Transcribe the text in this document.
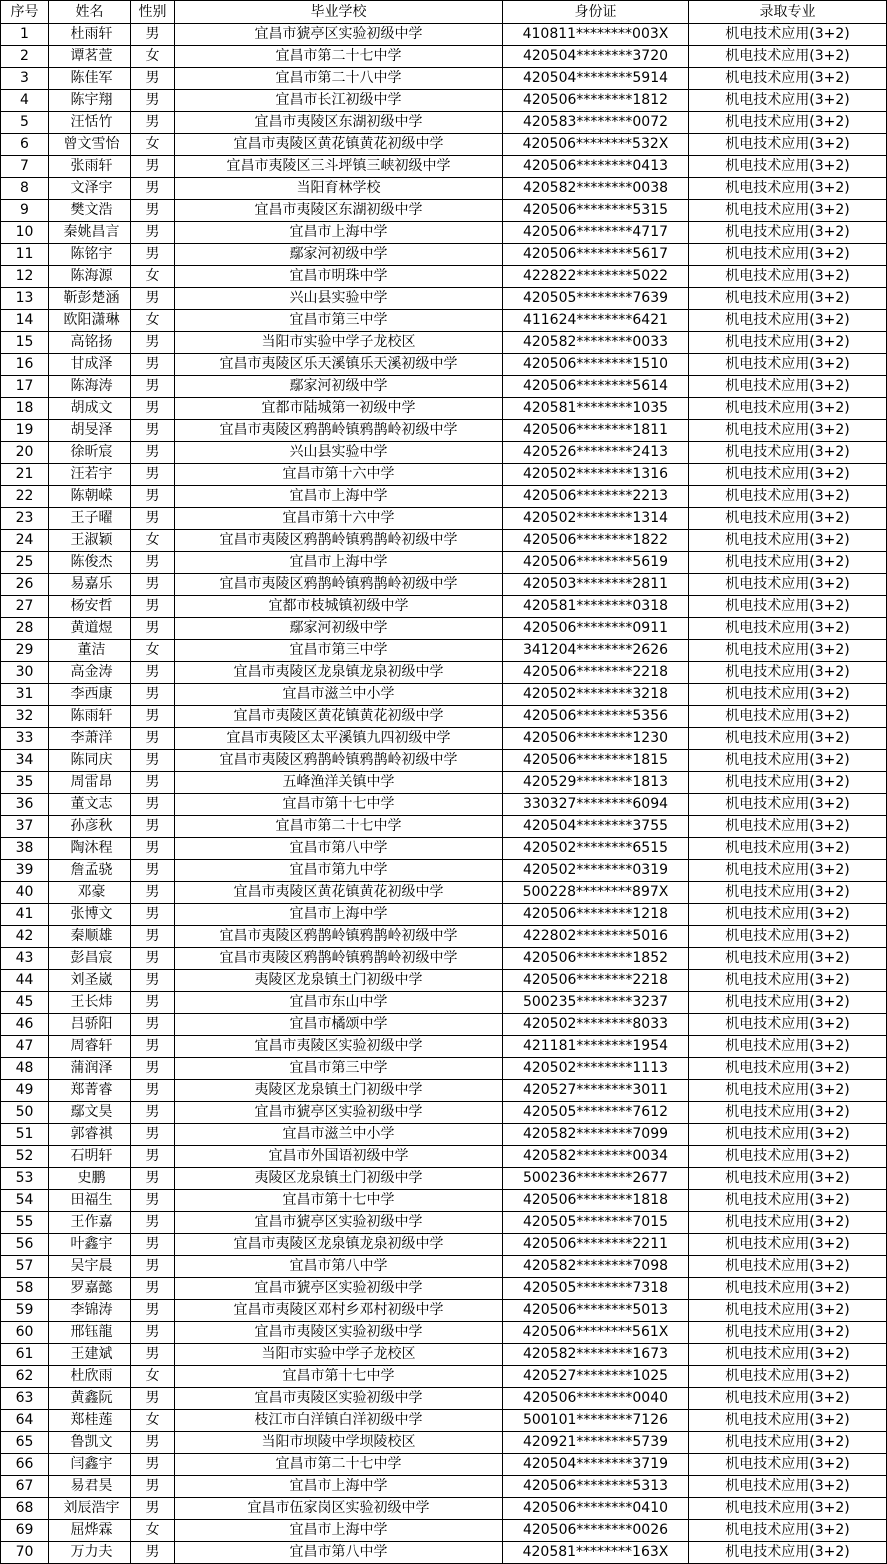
序号	姓名	性别	毕业学校	身份证	录取专业
1	杜雨轩	男	宜昌市猇亭区实验初级中学	410811********003X	机电技术应用(3+2)
2	谭茗萱	女	宜昌市第二十七中学	420504********3720	机电技术应用(3+2)
3	陈佳军	男	宜昌市第二十八中学	420504********5914	机电技术应用(3+2)
4	陈宇翔	男	宜昌市长江初级中学	420506********1812	机电技术应用(3+2)
5	汪恬竹	男	宜昌市夷陵区东湖初级中学	420583********0072	机电技术应用(3+2)
6	曾文雪怡	女	宜昌市夷陵区黄花镇黄花初级中学	420506********532X	机电技术应用(3+2)
7	张雨轩	男	宜昌市夷陵区三斗坪镇三峡初级中学	420506********0413	机电技术应用(3+2)
8	文泽宇	男	当阳育林学校	420582********0038	机电技术应用(3+2)
9	樊文浩	男	宜昌市夷陵区东湖初级中学	420506********5315	机电技术应用(3+2)
10	秦姚昌言	男	宜昌市上海中学	420506********4717	机电技术应用(3+2)
11	陈铭宇	男	鄢家河初级中学	420506********5617	机电技术应用(3+2)
12	陈海源	女	宜昌市明珠中学	422822********5022	机电技术应用(3+2)
13	靳彭楚涵	男	兴山县实验中学	420505********7639	机电技术应用(3+2)
14	欧阳潇琳	女	宜昌市第三中学	411624********6421	机电技术应用(3+2)
15	高铭扬	男	当阳市实验中学子龙校区	420582********0033	机电技术应用(3+2)
16	甘成泽	男	宜昌市夷陵区乐天溪镇乐天溪初级中学	420506********1510	机电技术应用(3+2)
17	陈海涛	男	鄢家河初级中学	420506********5614	机电技术应用(3+2)
18	胡成文	男	宜都市陆城第一初级中学	420581********1035	机电技术应用(3+2)
19	胡旻泽	男	宜昌市夷陵区鸦鹊岭镇鸦鹊岭初级中学	420506********1811	机电技术应用(3+2)
20	徐昕宸	男	兴山县实验中学	420526********2413	机电技术应用(3+2)
21	汪若宇	男	宜昌市第十六中学	420502********1316	机电技术应用(3+2)
22	陈朝嵘	男	宜昌市上海中学	420506********2213	机电技术应用(3+2)
23	王子曜	男	宜昌市第十六中学	420502********1314	机电技术应用(3+2)
24	王淑颖	女	宜昌市夷陵区鸦鹊岭镇鸦鹊岭初级中学	420506********1822	机电技术应用(3+2)
25	陈俊杰	男	宜昌市上海中学	420506********5619	机电技术应用(3+2)
26	易嘉乐	男	宜昌市夷陵区鸦鹊岭镇鸦鹊岭初级中学	420503********2811	机电技术应用(3+2)
27	杨安哲	男	宜都市枝城镇初级中学	420581********0318	机电技术应用(3+2)
28	黄道煜	男	鄢家河初级中学	420506********0911	机电技术应用(3+2)
29	董洁	女	宜昌市第三中学	341204********2626	机电技术应用(3+2)
30	高金涛	男	宜昌市夷陵区龙泉镇龙泉初级中学	420506********2218	机电技术应用(3+2)
31	李西康	男	宜昌市滋兰中小学	420502********3218	机电技术应用(3+2)
32	陈雨轩	男	宜昌市夷陵区黄花镇黄花初级中学	420506********5356	机电技术应用(3+2)
33	李萧洋	男	宜昌市夷陵区太平溪镇九四初级中学	420506********1230	机电技术应用(3+2)
34	陈同庆	男	宜昌市夷陵区鸦鹊岭镇鸦鹊岭初级中学	420506********1815	机电技术应用(3+2)
35	周雷昂	男	五峰渔洋关镇中学	420529********1813	机电技术应用(3+2)
36	董文志	男	宜昌市第十七中学	330327********6094	机电技术应用(3+2)
37	孙彦秋	男	宜昌市第二十七中学	420504********3755	机电技术应用(3+2)
38	陶沐程	男	宜昌市第八中学	420502********6515	机电技术应用(3+2)
39	詹孟骁	男	宜昌市第九中学	420502********0319	机电技术应用(3+2)
40	邓豪	男	宜昌市夷陵区黄花镇黄花初级中学	500228********897X	机电技术应用(3+2)
41	张博文	男	宜昌市上海中学	420506********1218	机电技术应用(3+2)
42	秦顺雄	男	宜昌市夷陵区鸦鹊岭镇鸦鹊岭初级中学	422802********5016	机电技术应用(3+2)
43	彭昌宸	男	宜昌市夷陵区鸦鹊岭镇鸦鹊岭初级中学	420506********1852	机电技术应用(3+2)
44	刘圣崴	男	夷陵区龙泉镇土门初级中学	420506********2218	机电技术应用(3+2)
45	王长炜	男	宜昌市东山中学	500235********3237	机电技术应用(3+2)
46	吕骄阳	男	宜昌市橘颂中学	420502********8033	机电技术应用(3+2)
47	周睿轩	男	宜昌市夷陵区实验初级中学	421181********1954	机电技术应用(3+2)
48	蒲润泽	男	宜昌市第三中学	420502********1113	机电技术应用(3+2)
49	郑菁睿	男	夷陵区龙泉镇土门初级中学	420527********3011	机电技术应用(3+2)
50	鄢文昊	男	宜昌市猇亭区实验初级中学	420505********7612	机电技术应用(3+2)
51	郭睿祺	男	宜昌市滋兰中小学	420582********7099	机电技术应用(3+2)
52	石明轩	男	宜昌市外国语初级中学	420582********0034	机电技术应用(3+2)
53	史鹏	男	夷陵区龙泉镇土门初级中学	500236********2677	机电技术应用(3+2)
54	田福生	男	宜昌市第十七中学	420506********1818	机电技术应用(3+2)
55	王作嘉	男	宜昌市猇亭区实验初级中学	420505********7015	机电技术应用(3+2)
56	叶鑫宇	男	宜昌市夷陵区龙泉镇龙泉初级中学	420506********2211	机电技术应用(3+2)
57	吴宇晨	男	宜昌市第八中学	420582********7098	机电技术应用(3+2)
58	罗嘉懿	男	宜昌市猇亭区实验初级中学	420505********7318	机电技术应用(3+2)
59	李锦涛	男	宜昌市夷陵区邓村乡邓村初级中学	420506********5013	机电技术应用(3+2)
60	邢钰龍	男	宜昌市夷陵区实验初级中学	420506********561X	机电技术应用(3+2)
61	王建斌	男	当阳市实验中学子龙校区	420582********1673	机电技术应用(3+2)
62	杜欣雨	女	宜昌市第十七中学	420527********1025	机电技术应用(3+2)
63	黄鑫阮	男	宜昌市夷陵区实验初级中学	420506********0040	机电技术应用(3+2)
64	郑桂莲	女	枝江市白洋镇白洋初级中学	500101********7126	机电技术应用(3+2)
65	鲁凯文	男	当阳市坝陵中学坝陵校区	420921********5739	机电技术应用(3+2)
66	闫鑫宇	男	宜昌市第二十七中学	420504********3719	机电技术应用(3+2)
67	易君昊	男	宜昌市上海中学	420506********5313	机电技术应用(3+2)
68	刘辰浩宇	男	宜昌市伍家岗区实验初级中学	420506********0410	机电技术应用(3+2)
69	屈烨霖	女	宜昌市上海中学	420506********0026	机电技术应用(3+2)
70	万力夫	男	宜昌市第八中学	420581********163X	机电技术应用(3+2)
